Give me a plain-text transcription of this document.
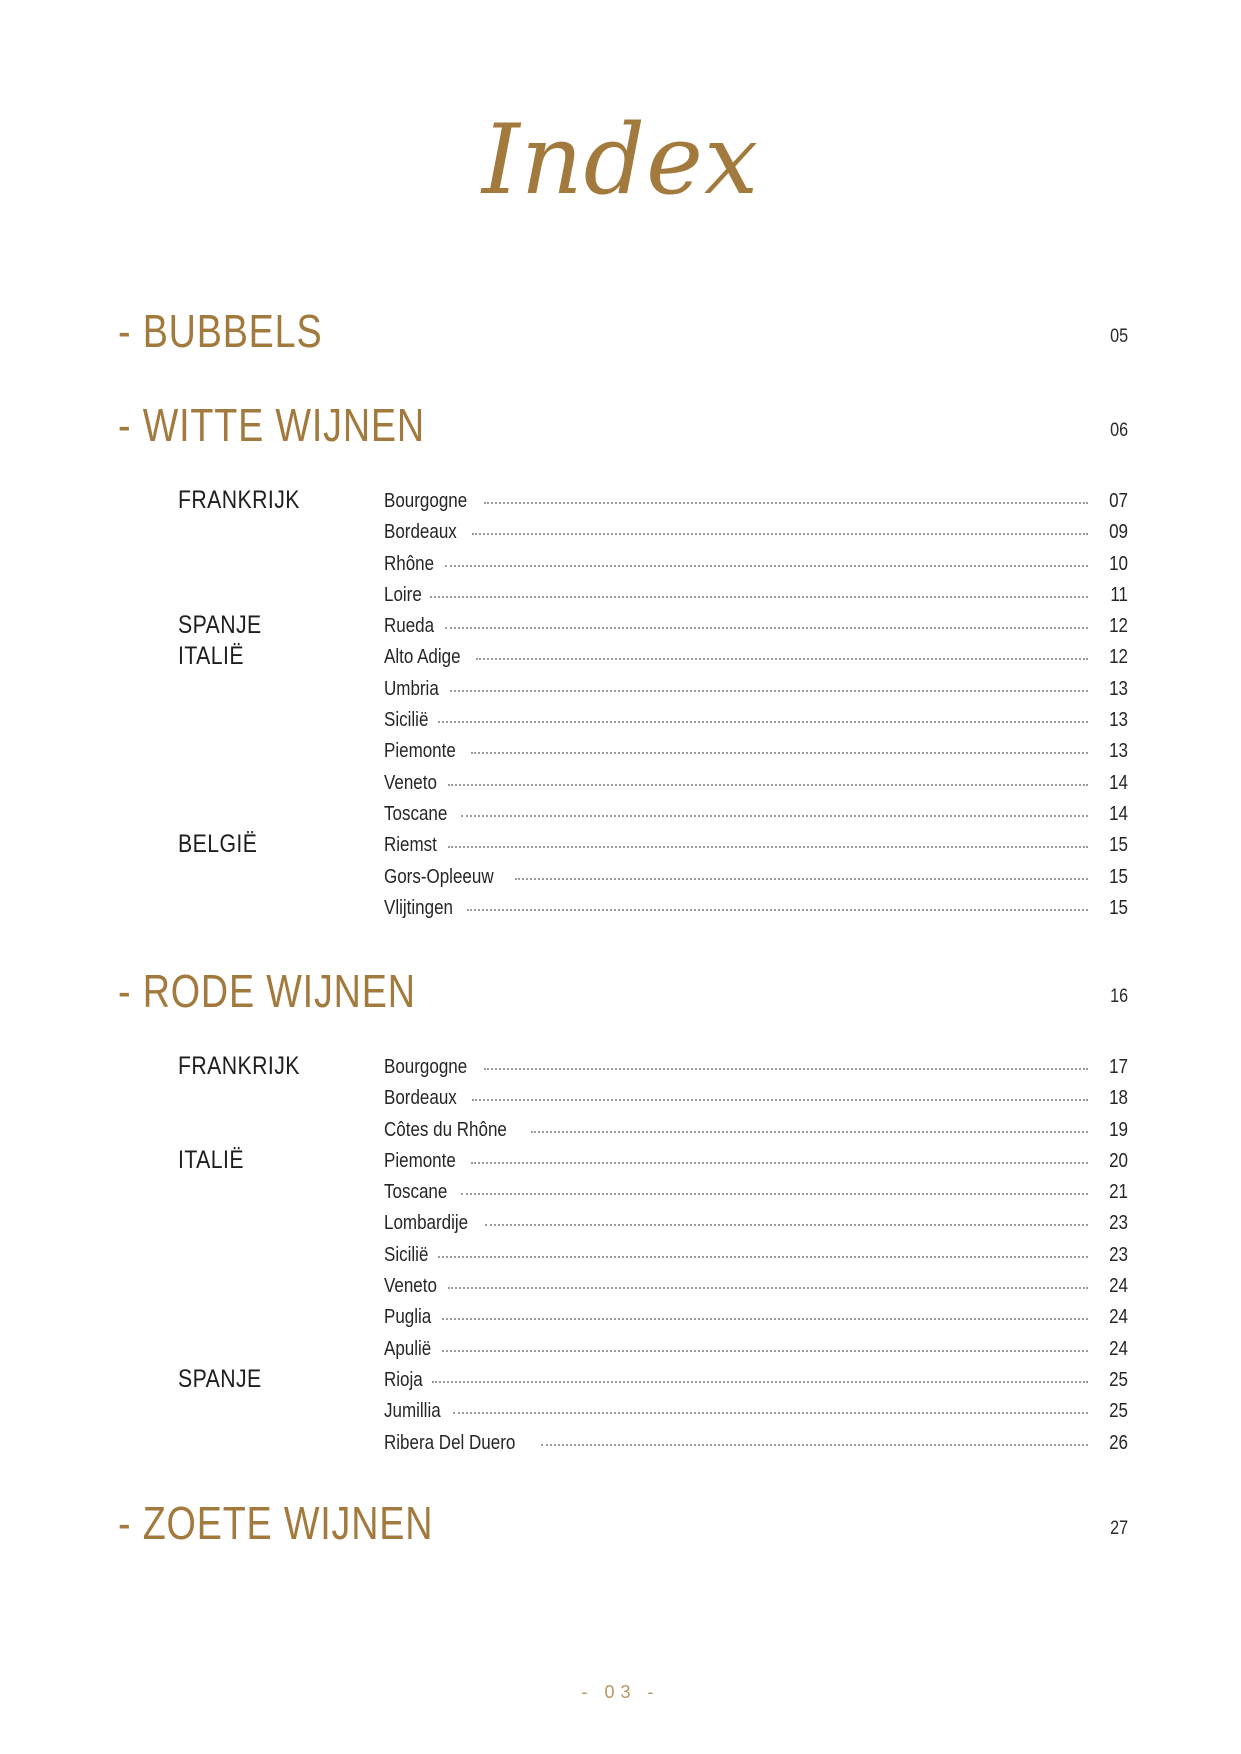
Index
- BUBBELS	05
- WITTE WIJNEN	06
FRANKRIJK	Bourgogne	07
Bordeaux	09
Rhône	10
Loire	11
SPANJE	Rueda	12
ITALIË	Alto Adige	12
Umbria	13
Sicilië	13
Piemonte	13
Veneto	14
Toscane	14
BELGIË	Riemst	15
Gors-Opleeuw	15
Vlijtingen	15
- RODE WIJNEN	16
FRANKRIJK	Bourgogne	17
Bordeaux	18
Côtes du Rhône	19
ITALIË	Piemonte	20
Toscane	21
Lombardije	23
Sicilië	23
Veneto	24
Puglia	24
Apulië	24
SPANJE	Rioja	25
Jumillia	25
Ribera Del Duero	26
- ZOETE WIJNEN	27
- 03 -
